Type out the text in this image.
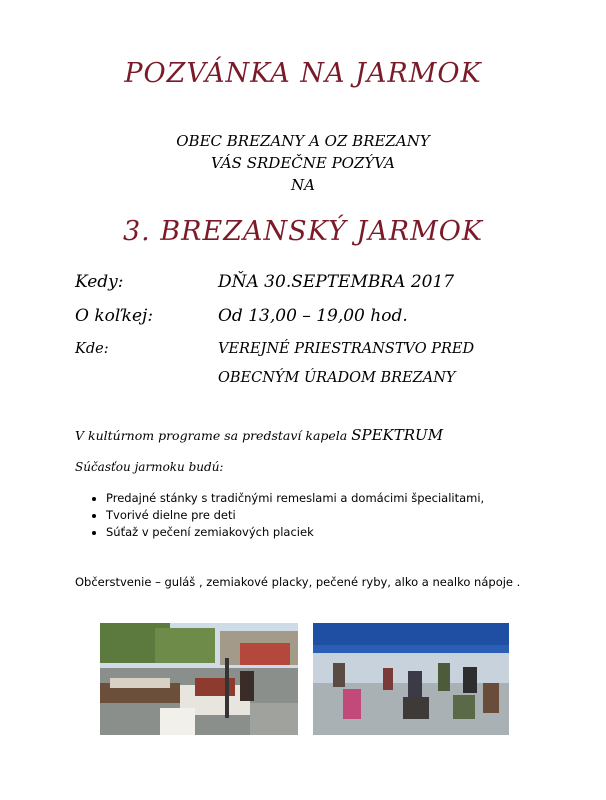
POZVÁNKA NA JARMOK
OBEC BREZANY A OZ BREZANY
VÁS SRDEČNE POZÝVA
NA
3. BREZANSKÝ JARMOK
Kedy:	DŇA 30.SEPTEMBRA 2017
O koľkej:	Od 13,00 – 19,00 hod.
Kde:	VEREJNÉ PRIESTRANSTVO PRED
OBECNÝM ÚRADOM BREZANY
V kultúrnom programe sa predstaví kapela SPEKTRUM
Súčasťou jarmoku budú:
• Predajné stánky s tradičnými remeslami a domácimi špecialitami,
• Tvorivé dielne pre deti
• Súťaž v pečení zemiakových placiek
Občerstvenie – guláš , zemiakové placky, pečené ryby, alko a nealko nápoje .
